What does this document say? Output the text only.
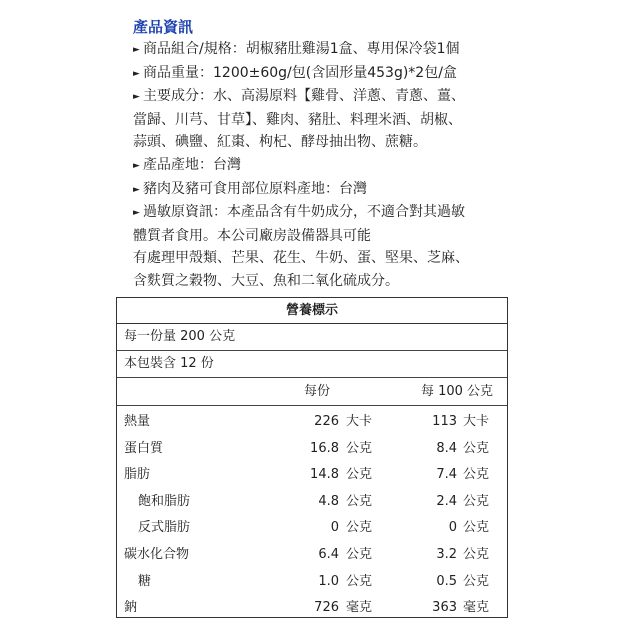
產品資訊
► 商品組合/規格：胡椒豬肚雞湯1盒、專用保冷袋1個
► 商品重量：1200±60g/包(含固形量453g)*2包/盒
► 主要成分：水、高湯原料【雞骨、洋蔥、青蔥、薑、
當歸、川芎、甘草】、雞肉、豬肚、料理米酒、胡椒、
蒜頭、碘鹽、紅棗、枸杞、酵母抽出物、蔗糖。
► 產品產地：台灣
► 豬肉及豬可食用部位原料產地：台灣
► 過敏原資訊：本產品含有牛奶成分，不適合對其過敏
體質者食用。本公司廠房設備器具可能
有處理甲殼類、芒果、花生、牛奶、蛋、堅果、芝麻、
含麩質之穀物、大豆、魚和二氧化硫成分。
營養標示
每一份量 200 公克
本包裝含 12 份
每份	每 100 公克
熱量	226 大卡	113 大卡
蛋白質	16.8 公克	8.4 公克
脂肪	14.8 公克	7.4 公克
飽和脂肪	4.8 公克	2.4 公克
反式脂肪	0 公克	0 公克
碳水化合物	6.4 公克	3.2 公克
糖	1.0 公克	0.5 公克
鈉	726 毫克	363 毫克
